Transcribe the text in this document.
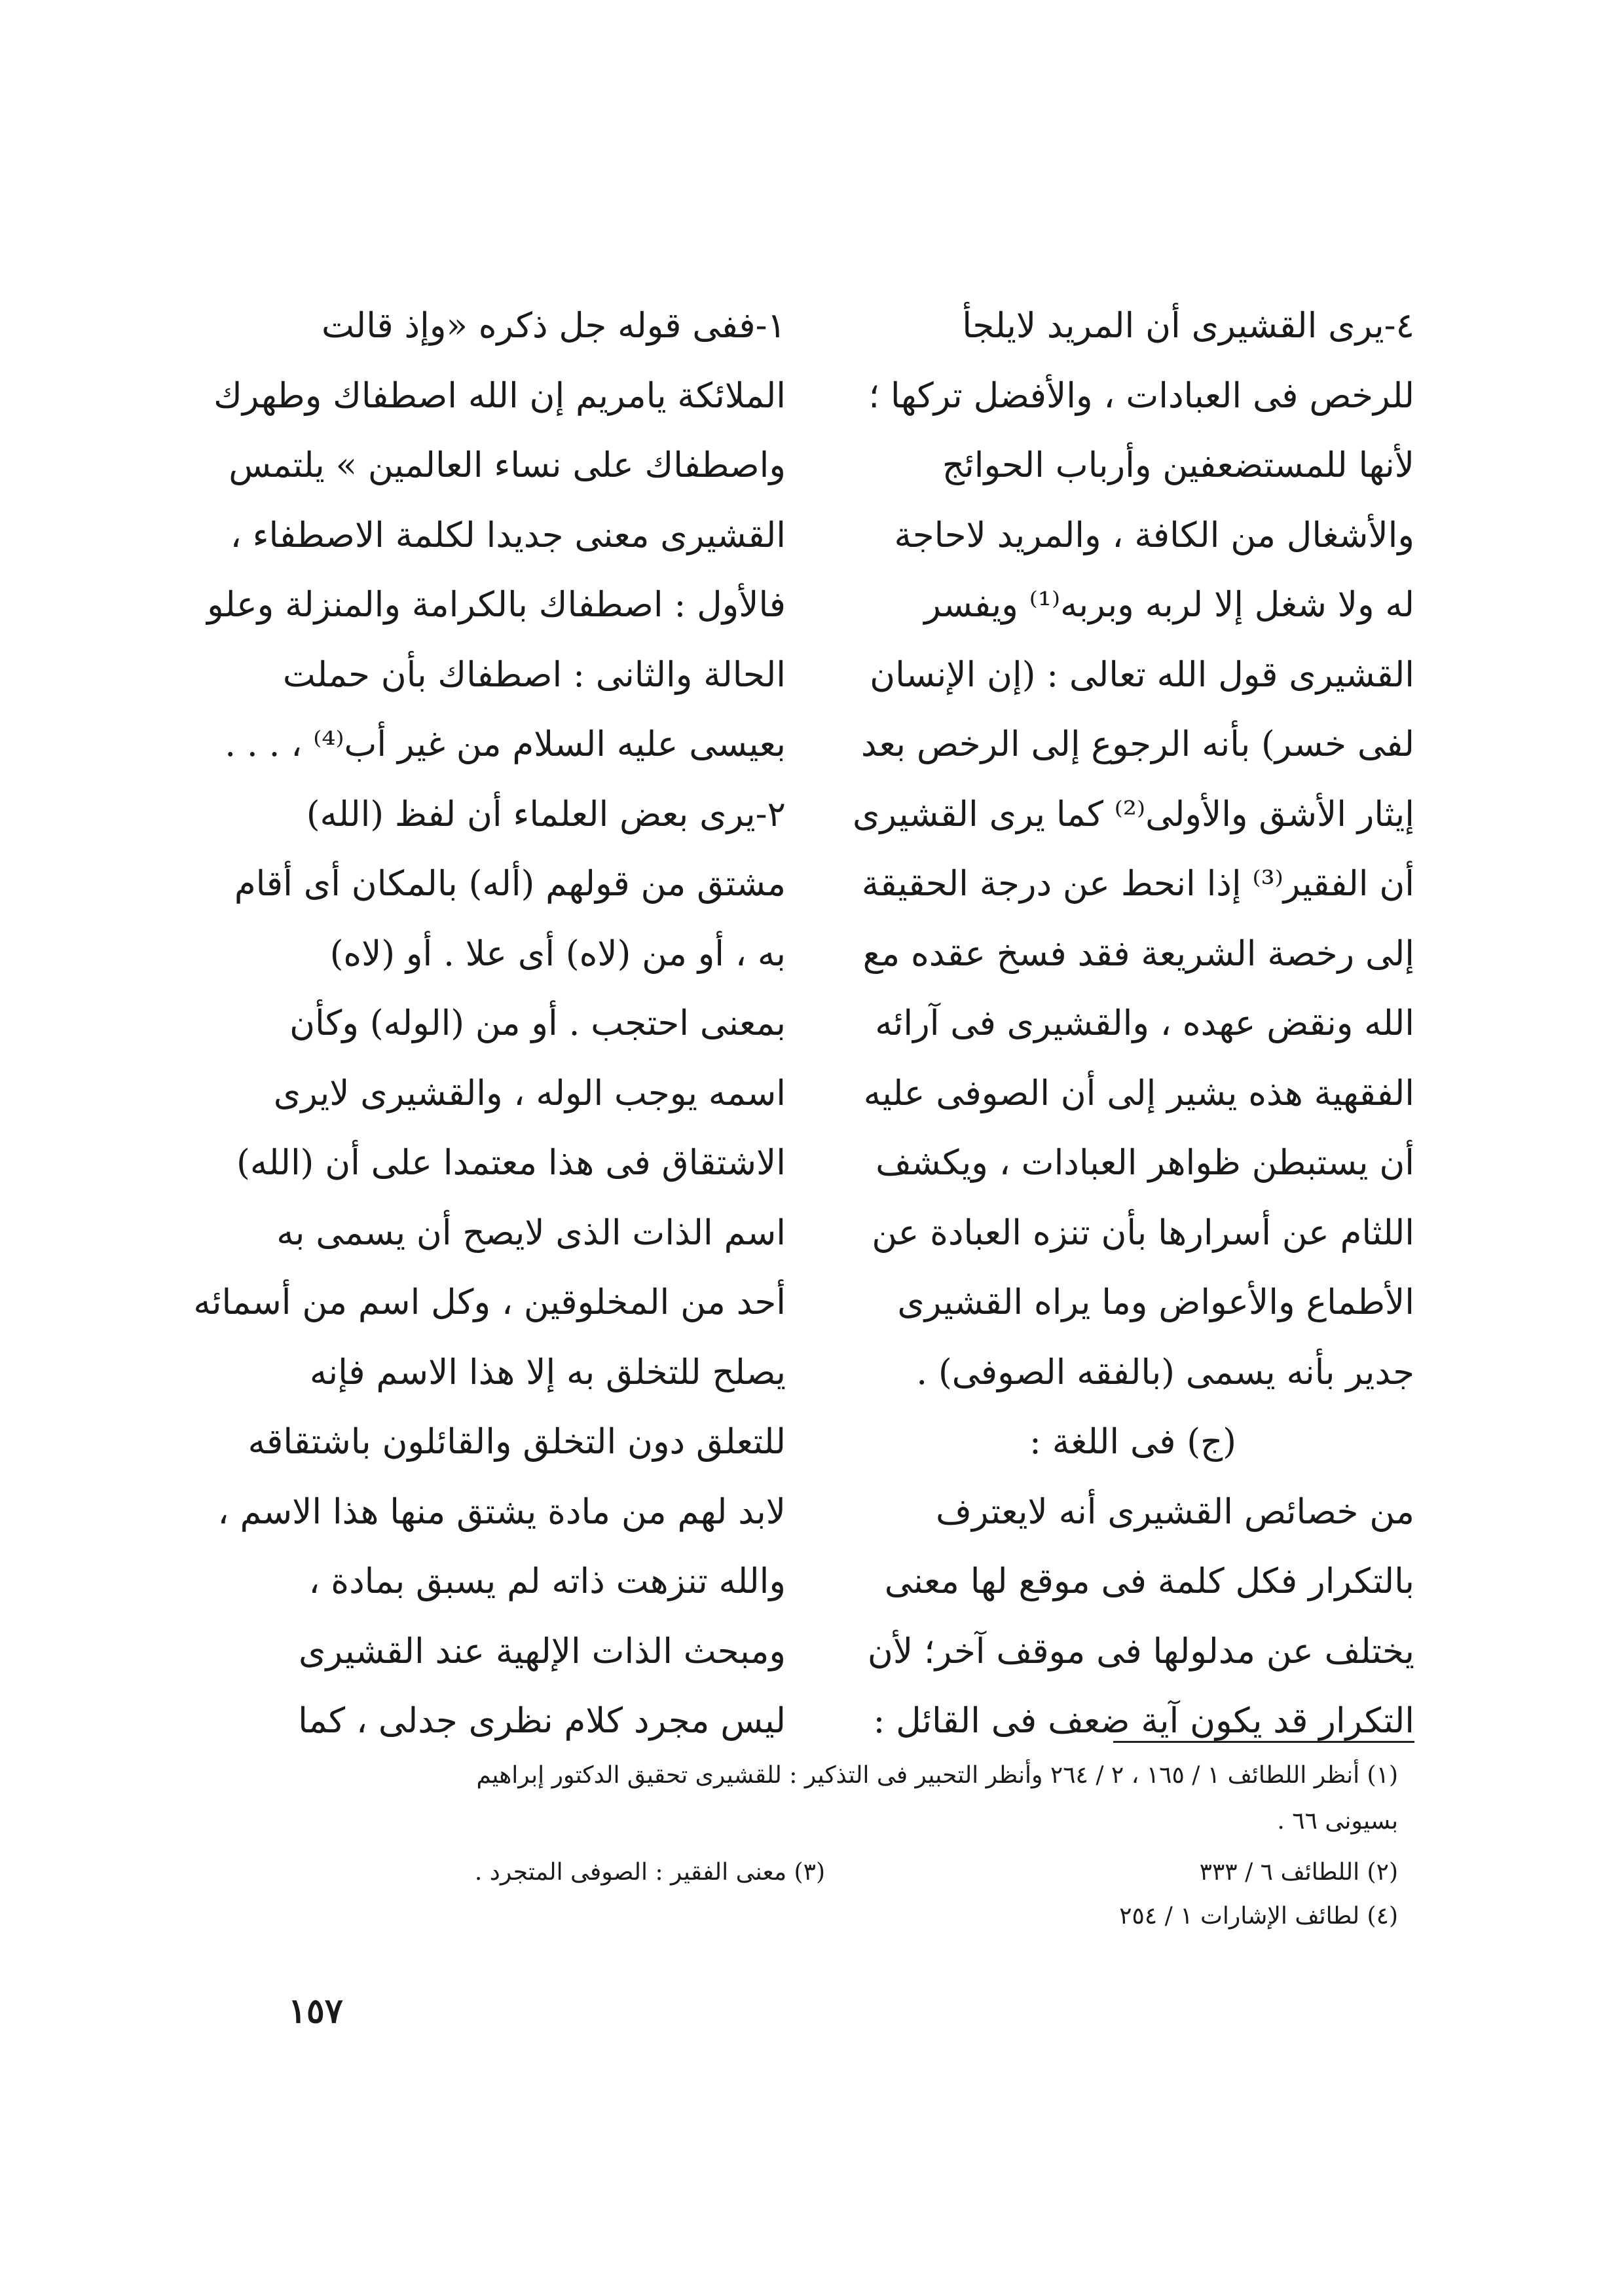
٤-يرى القشيرى أن المريد لايلجأ
للرخص فى العبادات ، والأفضل تركها ؛
لأنها للمستضعفين وأرباب الحوائج
والأشغال من الكافة ، والمريد لاحاجة
له ولا شغل إلا لربه وبربه⁽¹⁾ ويفسر
القشيرى قول الله تعالى : (إن الإنسان
لفى خسر) بأنه الرجوع إلى الرخص بعد
إيثار الأشق والأولى⁽²⁾ كما يرى القشيرى
أن الفقير⁽³⁾ إذا انحط عن درجة الحقيقة
إلى رخصة الشريعة فقد فسخ عقده مع
الله ونقض عهده ، والقشيرى فى آرائه
الفقهية هذه يشير إلى أن الصوفى عليه
أن يستبطن ظواهر العبادات ، ويكشف
اللثام عن أسرارها بأن تنزه العبادة عن
الأطماع والأعواض وما يراه القشيرى
جدير بأنه يسمى (بالفقه الصوفى) .
(ج) فى اللغة :
من خصائص القشيرى أنه لايعترف
بالتكرار فكل كلمة فى موقع لها معنى
يختلف عن مدلولها فى موقف آخر؛ لأن
التكرار قد يكون آية ضعف فى القائل :
١-ففى قوله جل ذكره «وإذ قالت
الملائكة يامريم إن الله اصطفاك وطهرك
واصطفاك على نساء العالمين » يلتمس
القشيرى معنى جديدا لكلمة الاصطفاء ،
فالأول : اصطفاك بالكرامة والمنزلة وعلو
الحالة والثانى : اصطفاك بأن حملت
بعيسى عليه السلام من غير أب⁽⁴⁾ ، . . .
٢-يرى بعض العلماء أن لفظ (الله)
مشتق من قولهم (أله) بالمكان أى أقام
به ، أو من (لاه) أى علا . أو (لاه)
بمعنى احتجب . أو من (الوله) وكأن
اسمه يوجب الوله ، والقشيرى لايرى
الاشتقاق فى هذا معتمدا على أن (الله)
اسم الذات الذى لايصح أن يسمى به
أحد من المخلوقين ، وكل اسم من أسمائه
يصلح للتخلق به إلا هذا الاسم فإنه
للتعلق دون التخلق والقائلون باشتقاقه
لابد لهم من مادة يشتق منها هذا الاسم ،
والله تنزهت ذاته لم يسبق بمادة ،
ومبحث الذات الإلهية عند القشيرى
ليس مجرد كلام نظرى جدلى ، كما
(١) أنظر اللطائف ١ / ١٦٥ ، ٢ / ٢٦٤ وأنظر التحبير فى التذكير : للقشيرى تحقيق الدكتور إبراهيم
بسيونى ٦٦ .
(٢) اللطائف ٦ / ٣٣٣
(٣) معنى الفقير : الصوفى المتجرد .
(٤) لطائف الإشارات ١ / ٢٥٤
١٥٧
